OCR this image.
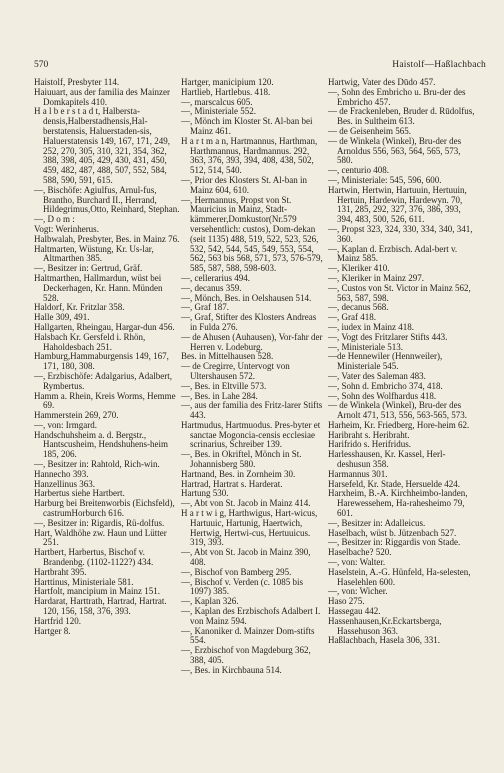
570	Haistolf—Haßlachbach

Haistolf, Presbyter 114.

Haiuuart, aus der familia des Mainzer Domkapitels 410.

H a l b e r s t a d t, Halbersta-densis,Halberstadhensis,Hal-berstatensis, Haluerstaden-sis, Haluerstatensis 149, 167, 171, 249, 252, 270, 305, 310, 321, 354, 362, 388, 398, 405, 429, 430, 431, 450, 459, 482, 487, 488, 507, 552, 584, 588, 590, 591, 615.

—, Bischöfe: Agiulfus, Arnul-fus, Brantho, Burchard II., Herrand, Hildegrimus,Otto, Reinhard, Stephan.

—, D o m :

Vogt: Werinherus.

Halbwalah, Presbyter, Bes. in Mainz 76.

Haltmarten, Wüstung, Kr. Us-lar, Altmarthen 385.

—, Besitzer in: Gertrud, Gräf.

Haltmarthen, Hallmardun, wüst bei Deckerhagen, Kr. Hann. Münden 528.

Haldorf, Kr. Fritzlar 358.

Halle 309, 491.

Hallgarten, Rheingau, Hargar-dun 456.

Halsbach Kr. Gersfeld i. Rhön, Haholdesbach 251.

Hamburg,Hammaburgensis 149, 167, 171, 180, 308.

—, Erzbischöfe: Adalgarius, Adalbert, Rymbertus.

Hamm a. Rhein, Kreis Worms, Hemme 69.

Hammerstein 269, 270.

—, von: Irmgard.

Handschuhsheim a. d. Bergstr., Hantscusheim, Hendshuhens-heim 185, 206.

—, Besitzer in: Rahtold, Rich-win.

Hannecho 393.

Hanzellinus 363.

Harbertus siehe Hartbert.

Harburg bei Breitenworbis (Eichsfeld), castrumHorburch 616.

—, Besitzer in: Rigardis, Rü-dolfus.

Hart, Waldhöhe zw. Haun und Lütter 251.

Hartbert, Harbertus, Bischof v. Brandenbg. (1102-1122?) 434.

Hartbraht 395.

Harttinus, Ministeriale 581.

Hartfolt, mancipium in Mainz 151.

Hardarat, Harttrath, Hartrad, Hartrat. 120, 156, 158, 376, 393.

Hartfrid 120.

Hartger 8.

Hartger, manicipium 120.

Hartlieb, Hartlebus. 418.

—, marscalcus 605.

—, Ministeriale 552.

—, Mönch im Kloster St. Al-ban bei Mainz 461.

H a r t m a n, Hartmannus, Harthman, Harthmannus, Hardmannus. 292, 363, 376, 393, 394, 408, 438, 502, 512, 514, 540.

—, Prior des Klosters St. Al-ban in Mainz 604, 610.

—, Hermannus, Propst von St. Mauricius in Mainz, Stadt-kämmerer,Domkustor(Nr.579 versehentlich: custos), Dom-dekan (seit 1135) 488, 519, 522, 523, 526, 532, 542, 544, 545, 549, 553, 554, 562, 563 bis 568, 571, 573, 576-579, 585, 587, 588, 598-603.

—, cellerarius 494.

—, decanus 359.

—, Mönch, Bes. in Oelshausen 514.

—, Graf 187.

—, Graf, Stifter des Klosters Andreas in Fulda 276.

— de Ahusen (Auhausen), Vor-fahr der Herren v. Lodeburg.

Bes. in Mittelhausen 528.

— de Cregirre, Untervogt von Ultershausen 572.

—, Bes. in Eltville 573.

—, Bes. in Lahe 284.

—, aus der familia des Fritz-larer Stifts 443.

Hartmudus, Hartmuodus. Pres-byter et sanctae Mogoncia-censis ecclesiae scrinarius, Schreiber 139.

—, Bes. in Okriftel, Mönch in St. Johannisberg 580.

Hartnand, Bes. in Zornheim 30.

Hartrad, Hartrat s. Harderat.

Hartung 530.

—, Abt von St. Jacob in Mainz 414.

H a r t w i g, Harthwigus, Hart-wicus, Hartuuic, Hartunig, Haertwich, Hertwig, Hertwi-cus, Hertuuicus. 319, 393.

—, Abt von St. Jacob in Mainz 390, 408.

—, Bischof von Bamberg 295.

—, Bischof v. Verden (c. 1085 bis 1097) 385.

—, Kaplan 326.

—, Kaplan des Erzbischofs Adalbert I. von Mainz 594.

—, Kanoniker d. Mainzer Dom-stifts 554.

—, Erzbischof von Magdeburg 362, 388, 405.

—, Bes. in Kirchbauna 514.

Hartwig, Vater des Dūdo 457.

—, Sohn des Embricho u. Bru-der des Embricho 457.

— de Frackenleben, Bruder d. Rūdolfus, Bes. in Sultheim 613.

— de Geisenheim 565.

— de Winkela (Winkel), Bru-der des Arnoldus 556, 563, 564, 565, 573, 580.

—, centurio 408.

—, Ministeriale: 545, 596, 600.

Hartwin, Hertwin, Hartuuin, Hertuuin, Hertuin, Hardewin, Hardewyn. 70, 131, 285, 292, 327, 376, 386, 393, 394, 483, 500, 526, 611.

—, Propst 323, 324, 330, 334, 340, 341, 360.

—, Kaplan d. Erzbisch. Adal-bert v. Mainz 585.

—, Kleriker 410.

—, Kleriker in Mainz 297.

—, Custos von St. Victor in Mainz 562, 563, 587, 598.

—, decanus 568.

—, Graf 418.

—, iudex in Mainz 418.

—, Vogt des Fritzlarer Stifts 443.

—, Ministeriale 513.

—de Hennewiler (Hennweiler), Ministeriale 545.

—, Vater des Saleman 483.

—, Sohn d. Embricho 374, 418.

—, Sohn des Wolfhardus 418.

— de Winkela (Winkel), Bru-der des Arnolt 471, 513, 556, 563-565, 573.

Harheim, Kr. Friedberg, Hore-heim 62.

Haribraht s. Heribraht.

Harifrido s. Herifridus.

Harlesshausen, Kr. Kassel, Herl-deshusun 358.

Harmannus 301.

Harsefeld, Kr. Stade, Hersuelde 424.

Harxheim, B.-A. Kirchheimbo-landen, Harewessehem, Ha-rahesheimo 79, 601.

—, Besitzer in: Adalleicus.

Haselbach, wüst b. Jützenbach 527.

—, Besitzer in: Riggardis von Stade.

Haselbache? 520.

—, von: Walter.

Haselstein, A.-G. Hünfeld, Ha-selesten, Haselehlen 600.

—, von: Wicher.

Haso 275.

Hassegau 442.

Hassenhausen,Kr.Eckartsberga, Hassehuson 363.

Haßlachbach, Hasela 306, 331.
